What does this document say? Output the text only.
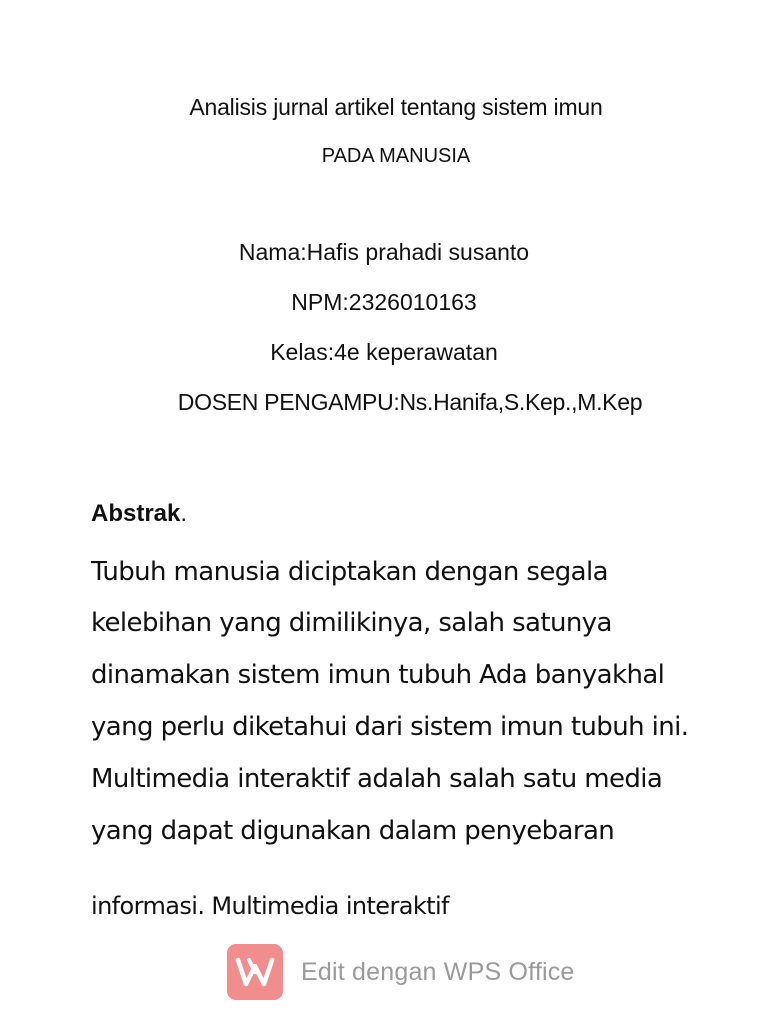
Analisis jurnal artikel tentang sistem imun
PADA MANUSIA
Nama:Hafis prahadi susanto
NPM:2326010163
Kelas:4e keperawatan
DOSEN PENGAMPU:Ns.Hanifa,S.Kep.,M.Kep
Abstrak.
Tubuh manusia diciptakan dengan segala
kelebihan yang dimilikinya, salah satunya
dinamakan sistem imun tubuh Ada banyakhal
yang perlu diketahui dari sistem imun tubuh ini.
Multimedia interaktif adalah salah satu media
yang dapat digunakan dalam penyebaran
informasi. Multimedia interaktif
Edit dengan WPS Office
